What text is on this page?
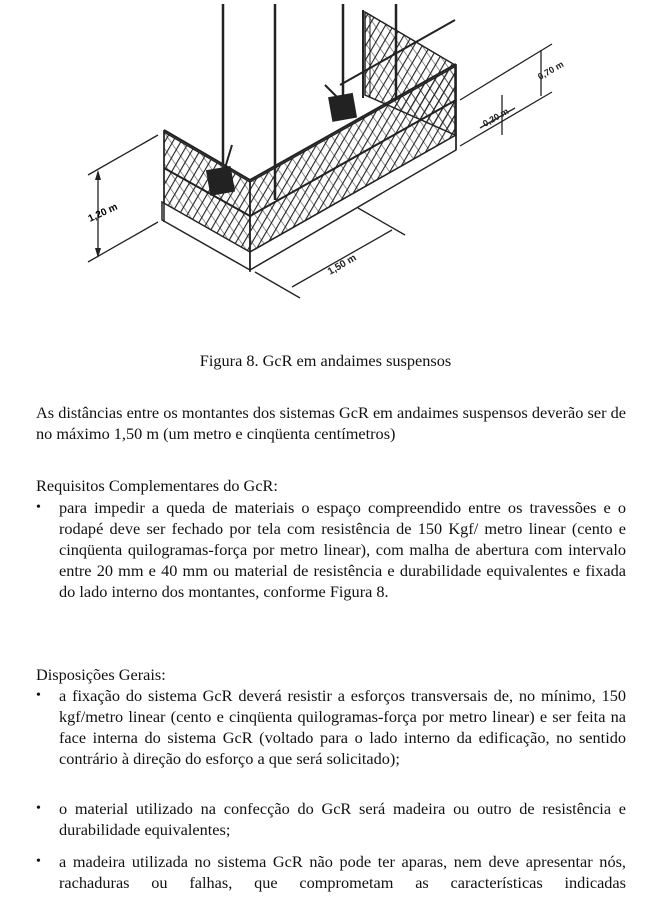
1,20 m
1,50 m
0,70 m
0,20 m
Figura 8. GcR em andaimes suspensos
As distâncias entre os montantes dos sistemas GcR em andaimes suspensos deverão ser de no máximo 1,50 m (um metro e cinqüenta centímetros)
Requisitos Complementares do GcR:
•	para impedir a queda de materiais o espaço compreendido entre os travessões e o rodapé deve ser fechado por tela com resistência de 150 Kgf/ metro linear (cento e cinqüenta quilogramas-força por metro linear), com malha de abertura com intervalo entre 20 mm e 40 mm ou material de resistência e durabilidade equivalentes e fixada do lado interno dos montantes, conforme Figura 8.
Disposições Gerais:
•	a fixação do sistema GcR deverá resistir a esforços transversais de, no mínimo, 150 kgf/metro linear (cento e cinqüenta quilogramas-força por metro linear) e ser feita na face interna do sistema GcR (voltado para o lado interno da edificação, no sentido contrário à direção do esforço a que será solicitado);
•	o material utilizado na confecção do GcR será madeira ou outro de resistência e durabilidade equivalentes;
•	a madeira utilizada no sistema GcR não pode ter aparas, nem deve apresentar nós, rachaduras ou falhas, que comprometam as características indicadas
